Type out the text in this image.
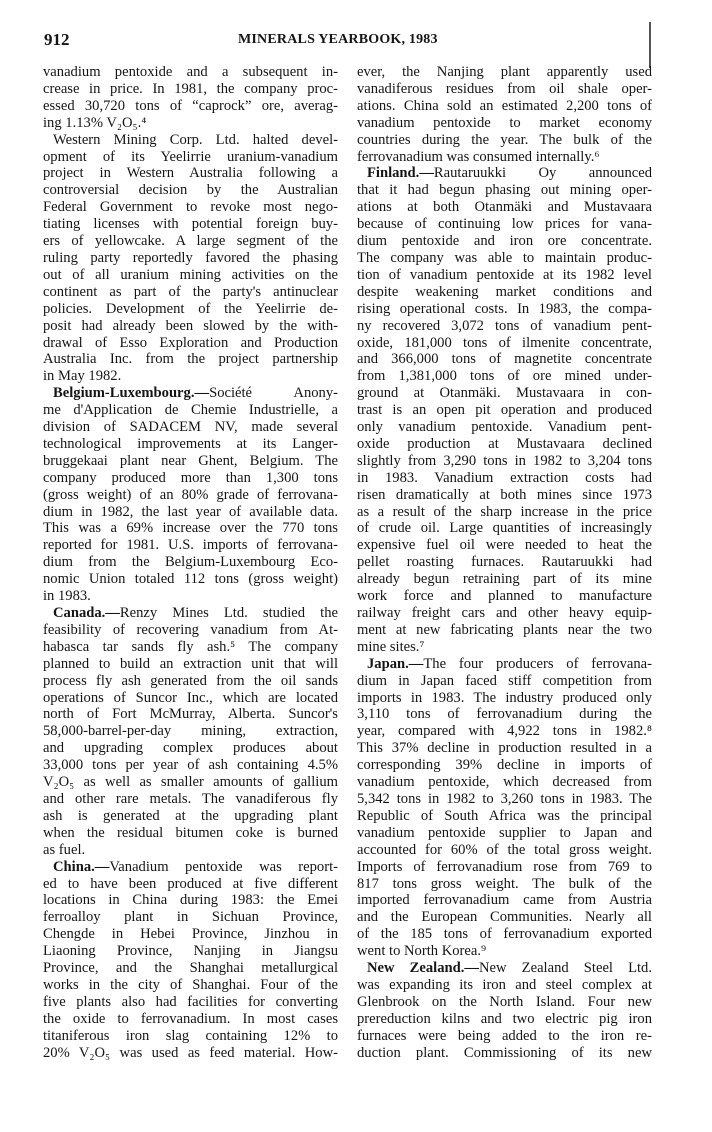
912	MINERALS YEARBOOK, 1983
vanadium pentoxide and a subsequent in-
crease in price. In 1981, the company proc-
essed 30,720 tons of “caprock” ore, averag-
ing 1.13% V₂O₅.⁴
Western Mining Corp. Ltd. halted devel-
opment of its Yeelirrie uranium-vanadium
project in Western Australia following a
controversial decision by the Australian
Federal Government to revoke most nego-
tiating licenses with potential foreign buy-
ers of yellowcake. A large segment of the
ruling party reportedly favored the phasing
out of all uranium mining activities on the
continent as part of the party's antinuclear
policies. Development of the Yeelirrie de-
posit had already been slowed by the with-
drawal of Esso Exploration and Production
Australia Inc. from the project partnership
in May 1982.
Belgium-Luxembourg.—Société Anony-
me d'Application de Chemie Industrielle, a
division of SADACEM NV, made several
technological improvements at its Langer-
bruggekaai plant near Ghent, Belgium. The
company produced more than 1,300 tons
(gross weight) of an 80% grade of ferrovana-
dium in 1982, the last year of available data.
This was a 69% increase over the 770 tons
reported for 1981. U.S. imports of ferrovana-
dium from the Belgium-Luxembourg Eco-
nomic Union totaled 112 tons (gross weight)
in 1983.
Canada.—Renzy Mines Ltd. studied the
feasibility of recovering vanadium from At-
habasca tar sands fly ash.⁵ The company
planned to build an extraction unit that will
process fly ash generated from the oil sands
operations of Suncor Inc., which are located
north of Fort McMurray, Alberta. Suncor's
58,000-barrel-per-day mining, extraction,
and upgrading complex produces about
33,000 tons per year of ash containing 4.5%
V₂O₅ as well as smaller amounts of gallium
and other rare metals. The vanadiferous fly
ash is generated at the upgrading plant
when the residual bitumen coke is burned
as fuel.
China.—Vanadium pentoxide was report-
ed to have been produced at five different
locations in China during 1983: the Emei
ferroalloy plant in Sichuan Province,
Chengde in Hebei Province, Jinzhou in
Liaoning Province, Nanjing in Jiangsu
Province, and the Shanghai metallurgical
works in the city of Shanghai. Four of the
five plants also had facilities for converting
the oxide to ferrovanadium. In most cases
titaniferous iron slag containing 12% to
20% V₂O₅ was used as feed material. How-
ever, the Nanjing plant apparently used
vanadiferous residues from oil shale oper-
ations. China sold an estimated 2,200 tons of
vanadium pentoxide to market economy
countries during the year. The bulk of the
ferrovanadium was consumed internally.⁶
Finland.—Rautaruukki Oy announced
that it had begun phasing out mining oper-
ations at both Otanmäki and Mustavaara
because of continuing low prices for vana-
dium pentoxide and iron ore concentrate.
The company was able to maintain produc-
tion of vanadium pentoxide at its 1982 level
despite weakening market conditions and
rising operational costs. In 1983, the compa-
ny recovered 3,072 tons of vanadium pent-
oxide, 181,000 tons of ilmenite concentrate,
and 366,000 tons of magnetite concentrate
from 1,381,000 tons of ore mined under-
ground at Otanmäki. Mustavaara in con-
trast is an open pit operation and produced
only vanadium pentoxide. Vanadium pent-
oxide production at Mustavaara declined
slightly from 3,290 tons in 1982 to 3,204 tons
in 1983. Vanadium extraction costs had
risen dramatically at both mines since 1973
as a result of the sharp increase in the price
of crude oil. Large quantities of increasingly
expensive fuel oil were needed to heat the
pellet roasting furnaces. Rautaruukki had
already begun retraining part of its mine
work force and planned to manufacture
railway freight cars and other heavy equip-
ment at new fabricating plants near the two
mine sites.⁷
Japan.—The four producers of ferrovana-
dium in Japan faced stiff competition from
imports in 1983. The industry produced only
3,110 tons of ferrovanadium during the
year, compared with 4,922 tons in 1982.⁸
This 37% decline in production resulted in a
corresponding 39% decline in imports of
vanadium pentoxide, which decreased from
5,342 tons in 1982 to 3,260 tons in 1983. The
Republic of South Africa was the principal
vanadium pentoxide supplier to Japan and
accounted for 60% of the total gross weight.
Imports of ferrovanadium rose from 769 to
817 tons gross weight. The bulk of the
imported ferrovanadium came from Austria
and the European Communities. Nearly all
of the 185 tons of ferrovanadium exported
went to North Korea.⁹
New Zealand.—New Zealand Steel Ltd.
was expanding its iron and steel complex at
Glenbrook on the North Island. Four new
prereduction kilns and two electric pig iron
furnaces were being added to the iron re-
duction plant. Commissioning of its new
